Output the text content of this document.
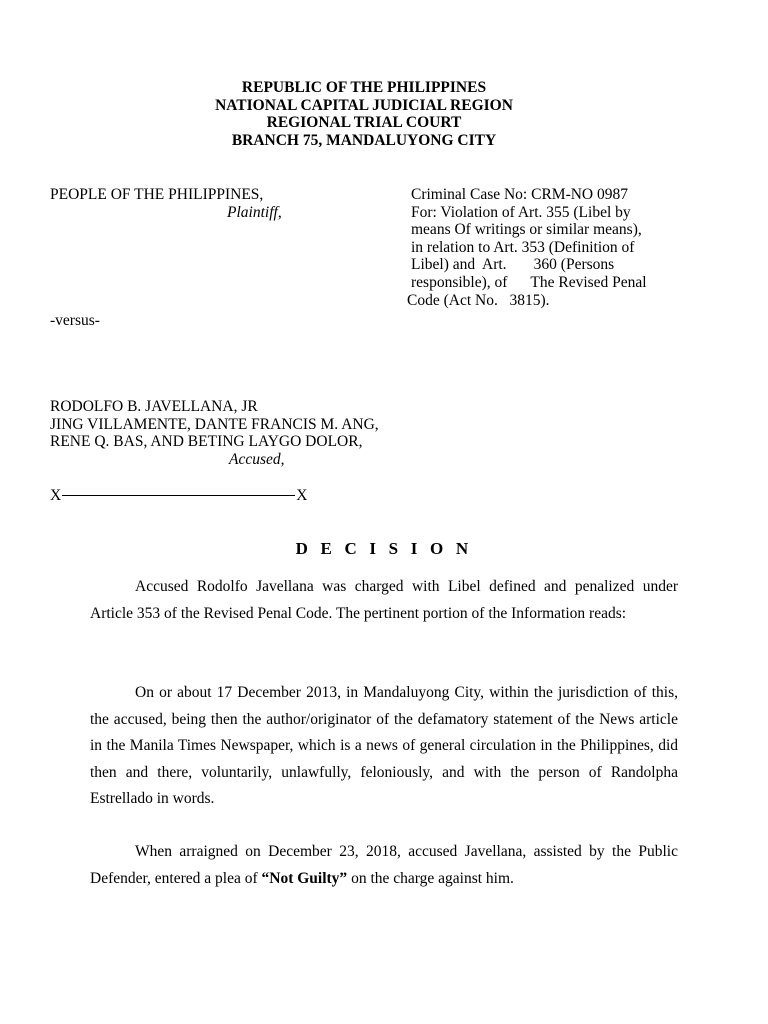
REPUBLIC OF THE PHILIPPINES
NATIONAL CAPITAL JUDICIAL REGION
REGIONAL TRIAL COURT
BRANCH 75, MANDALUYONG CITY
PEOPLE OF THE PHILIPPINES,
Plaintiff,
Criminal Case No: CRM-NO 0987
For: Violation of Art. 355 (Libel by
means Of writings or similar means),
in relation to Art. 353 (Definition of
Libel) and  Art.       360 (Persons
responsible), of      The Revised Penal
Code (Act No.   3815).
-versus-
RODOLFO B. JAVELLANA, JR
JING VILLAMENTE, DANTE FRANCIS M. ANG,
RENE Q. BAS, AND BETING LAYGO DOLOR,
Accused,
X	X
D E C I S I O N

Accused Rodolfo Javellana was charged with Libel defined and penalized under Article 353 of the Revised Penal Code. The pertinent portion of the Information reads:

On or about 17 December 2013, in Mandaluyong City, within the jurisdiction of this, the accused, being then the author/originator of the defamatory statement of the News article in the Manila Times Newspaper, which is a news of general circulation in the Philippines, did then and there, voluntarily, unlawfully, feloniously, and with the person of Randolpha Estrellado in words.

When arraigned on December 23, 2018, accused Javellana, assisted by the Public Defender, entered a plea of “Not Guilty” on the charge against him.
